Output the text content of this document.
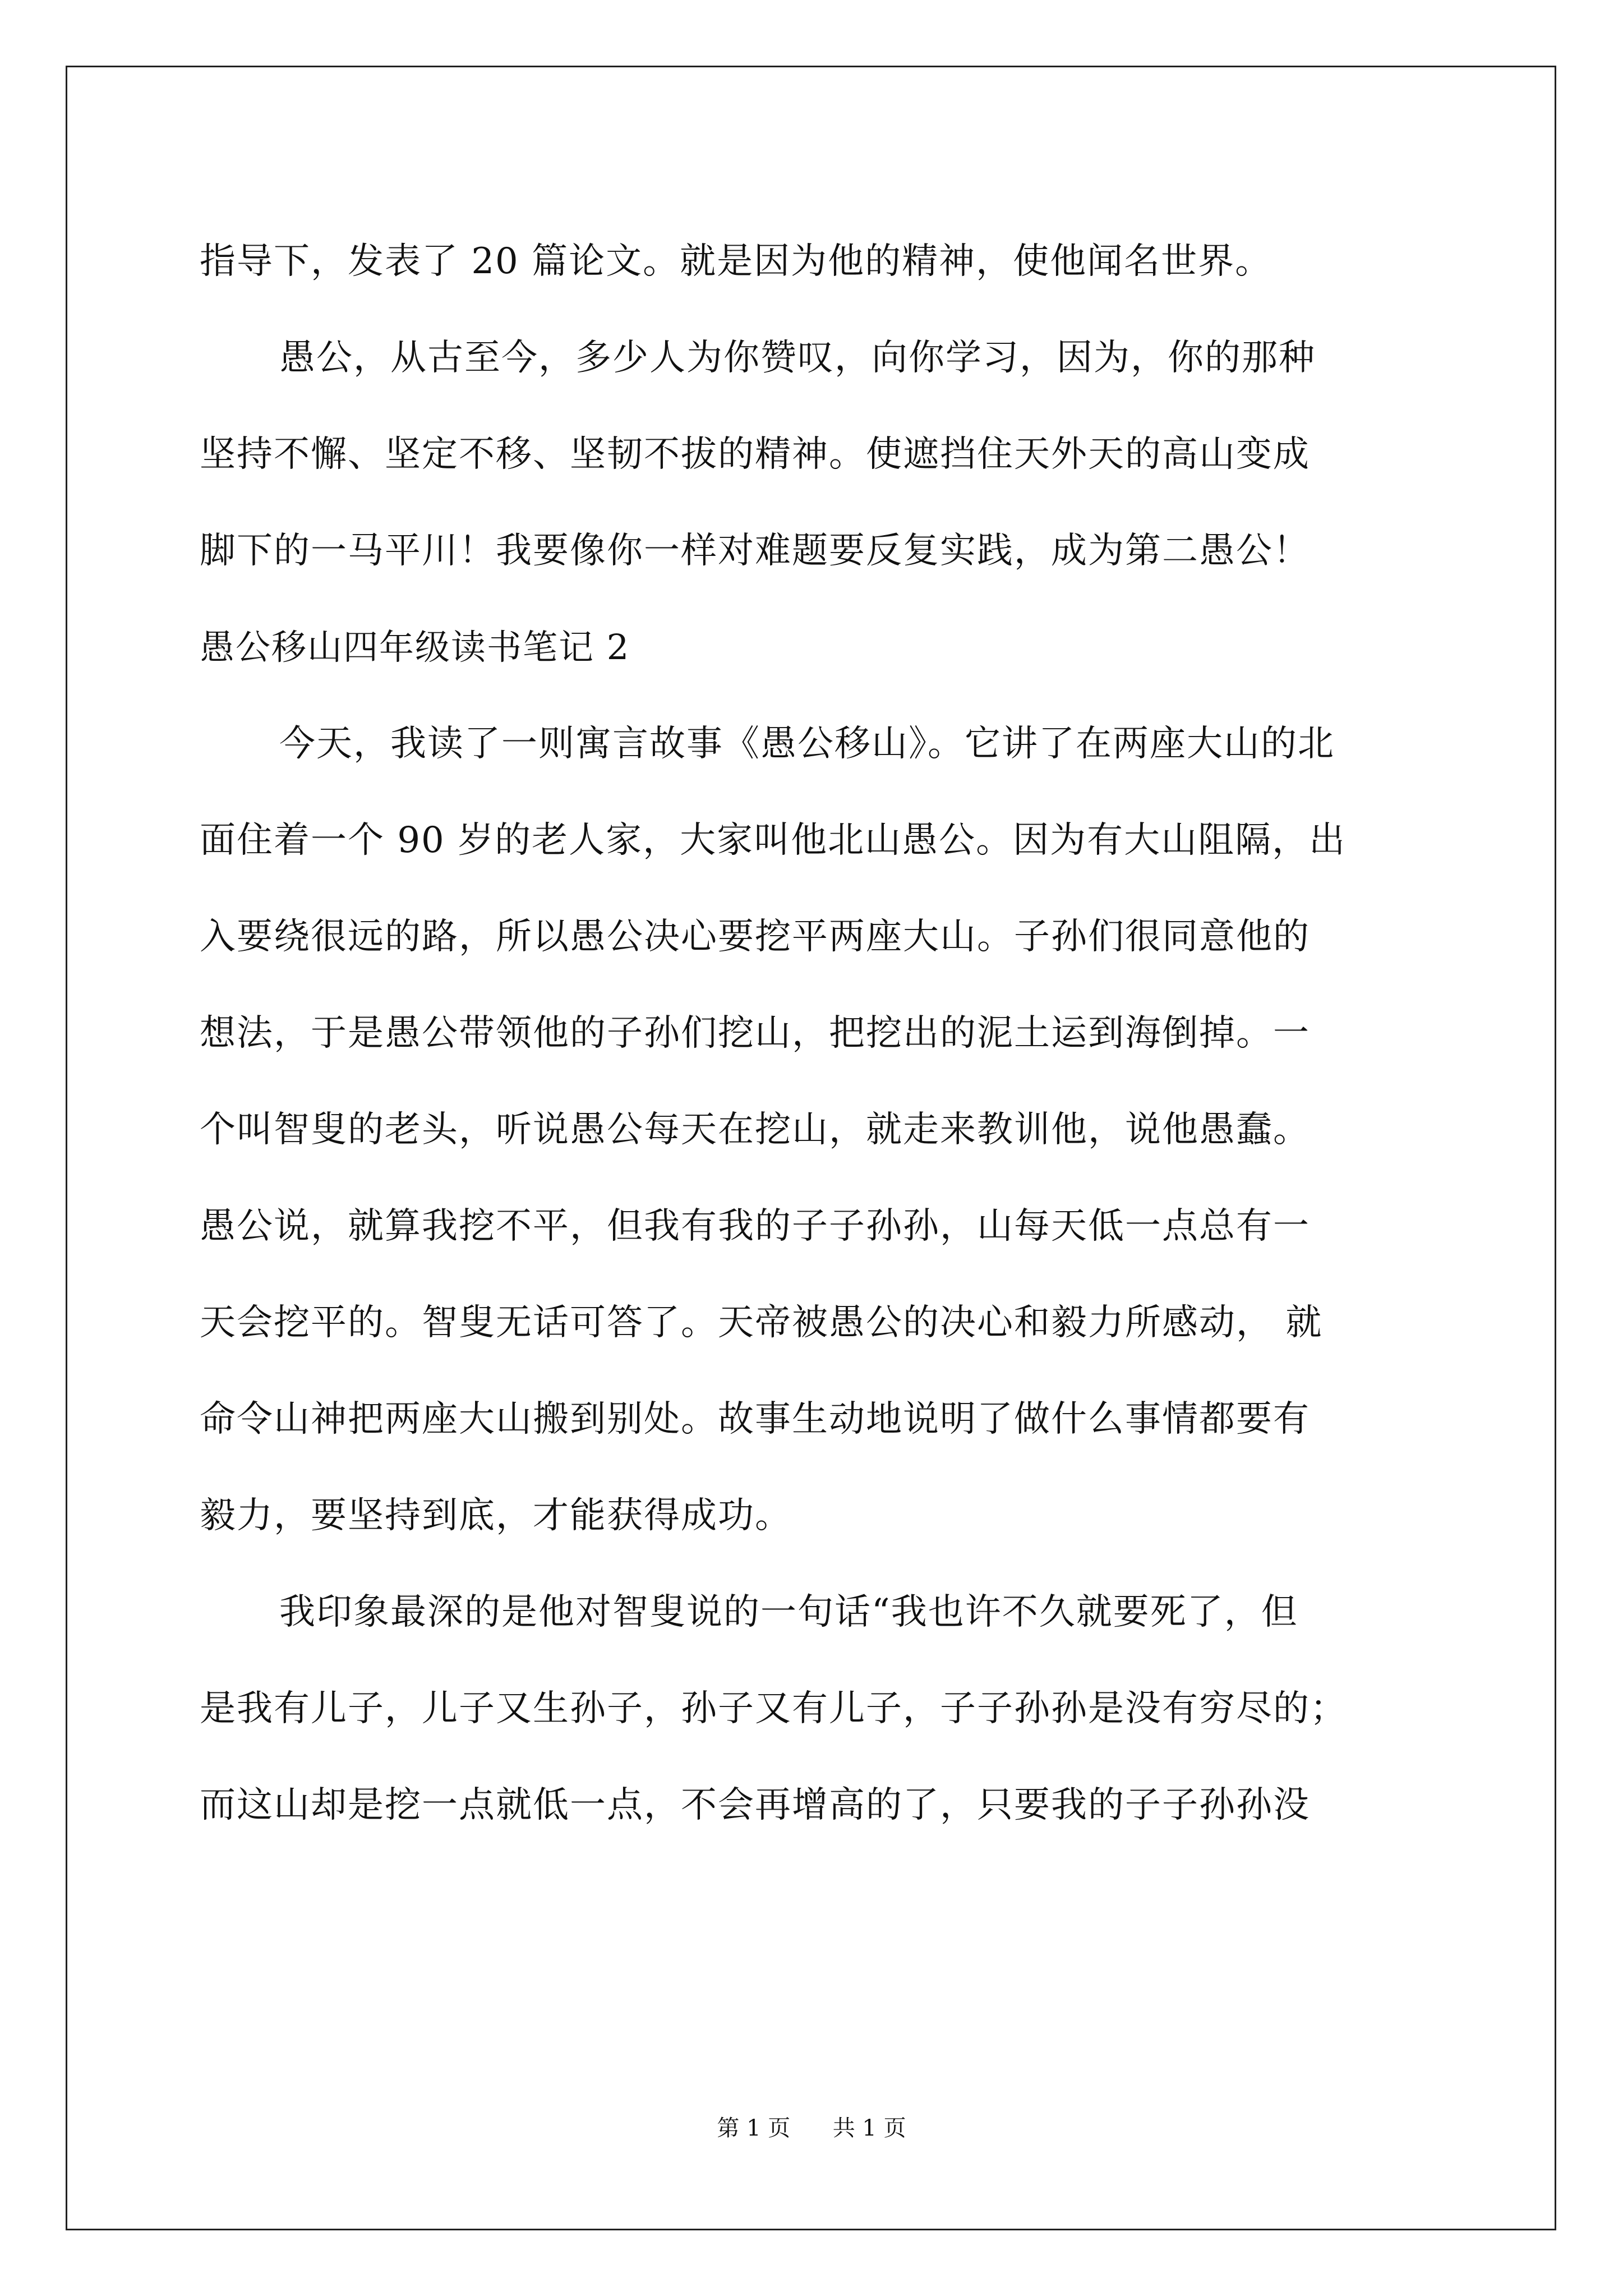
指导下，发表了 20 篇论文。就是因为他的精神，使他闻名世界。
愚公，从古至今，多少人为你赞叹，向你学习，因为，你的那种
坚持不懈、坚定不移、坚韧不拔的精神。使遮挡住天外天的高山变成
脚下的一马平川！我要像你一样对难题要反复实践，成为第二愚公！
愚公移山四年级读书笔记 2
今天，我读了一则寓言故事《愚公移山》。它讲了在两座大山的北
面住着一个 90 岁的老人家，大家叫他北山愚公。因为有大山阻隔，出
入要绕很远的路，所以愚公决心要挖平两座大山。子孙们很同意他的
想法，于是愚公带领他的子孙们挖山，把挖出的泥土运到海倒掉。一
个叫智叟的老头，听说愚公每天在挖山，就走来教训他，说他愚蠢。
愚公说，就算我挖不平，但我有我的子子孙孙，山每天低一点总有一
天会挖平的。智叟无话可答了。天帝被愚公的决心和毅力所感动， 就
命令山神把两座大山搬到别处。故事生动地说明了做什么事情都要有
毅力，要坚持到底，才能获得成功。
我印象最深的是他对智叟说的一句话“我也许不久就要死了，但
是我有儿子，儿子又生孙子，孙子又有儿子，子子孙孙是没有穷尽的；
而这山却是挖一点就低一点，不会再增高的了，只要我的子子孙孙没
第 1 页 共 1 页
